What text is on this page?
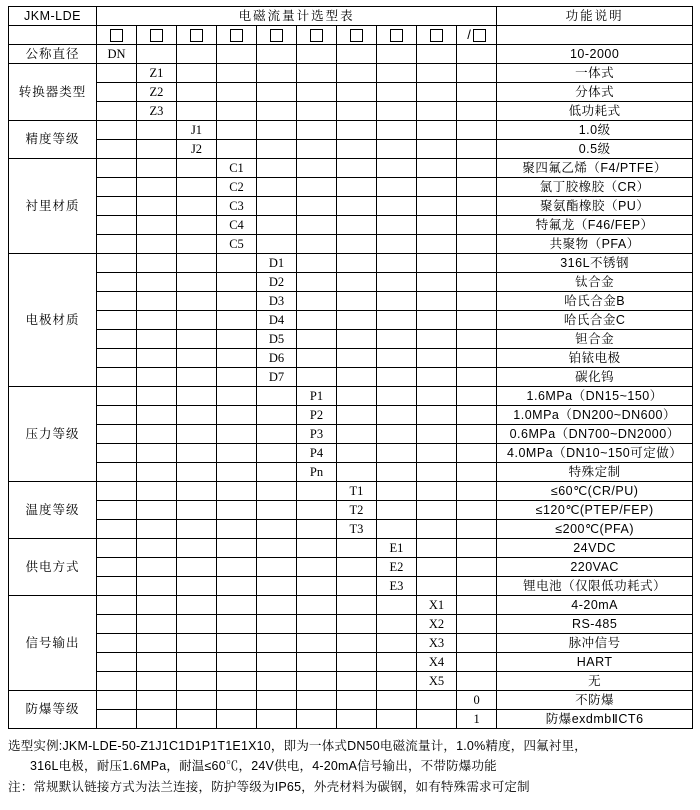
JKM-LDE	电磁流量计选型表										功能说明

										/	

公称直径	DN										10-2000
转换器类型		Z1									一体式
		Z2									分体式
		Z3									低功耗式
精度等级			J1								1.0级
			J2								0.5级
衬里材质				C1							聚四氟乙烯（F4/PTFE）
				C2							氯丁胶橡胶（CR）
				C3							聚氨酯橡胶（PU）
				C4							特氟龙（F46/FEP）
				C5							共聚物（PFA）
电极材质					D1						316L不锈钢
					D2						钛合金
					D3						哈氏合金B
					D4						哈氏合金C
					D5						钽合金
					D6						铂铱电极
					D7						碳化钨
压力等级						P1					1.6MPa（DN15~150）
						P2					1.0MPa（DN200~DN600）
						P3					0.6MPa（DN700~DN2000）
						P4					4.0MPa（DN10~150可定做）
						Pn					特殊定制
温度等级							T1				≤60℃(CR/PU)
							T2				≤120℃(PTEP/FEP)
							T3				≤200℃(PFA)
供电方式								E1			24VDC
								E2			220VAC
								E3			锂电池（仅限低功耗式）
信号输出									X1		4-20mA
									X2		RS-485
									X3		脉冲信号
									X4		HART
									X5		无
防爆等级										0	不防爆
										1	防爆exdmbⅡCT6
选型实例:JKM-LDE-50-Z1J1C1D1P1T1E1X10，即为一体式DN50电磁流量计，1.0%精度，四氟衬里，
316L电极，耐压1.6MPa，耐温≤60℃，24V供电，4-20mA信号输出，不带防爆功能
注：常规默认链接方式为法兰连接，防护等级为IP65，外壳材料为碳钢，如有特殊需求可定制
